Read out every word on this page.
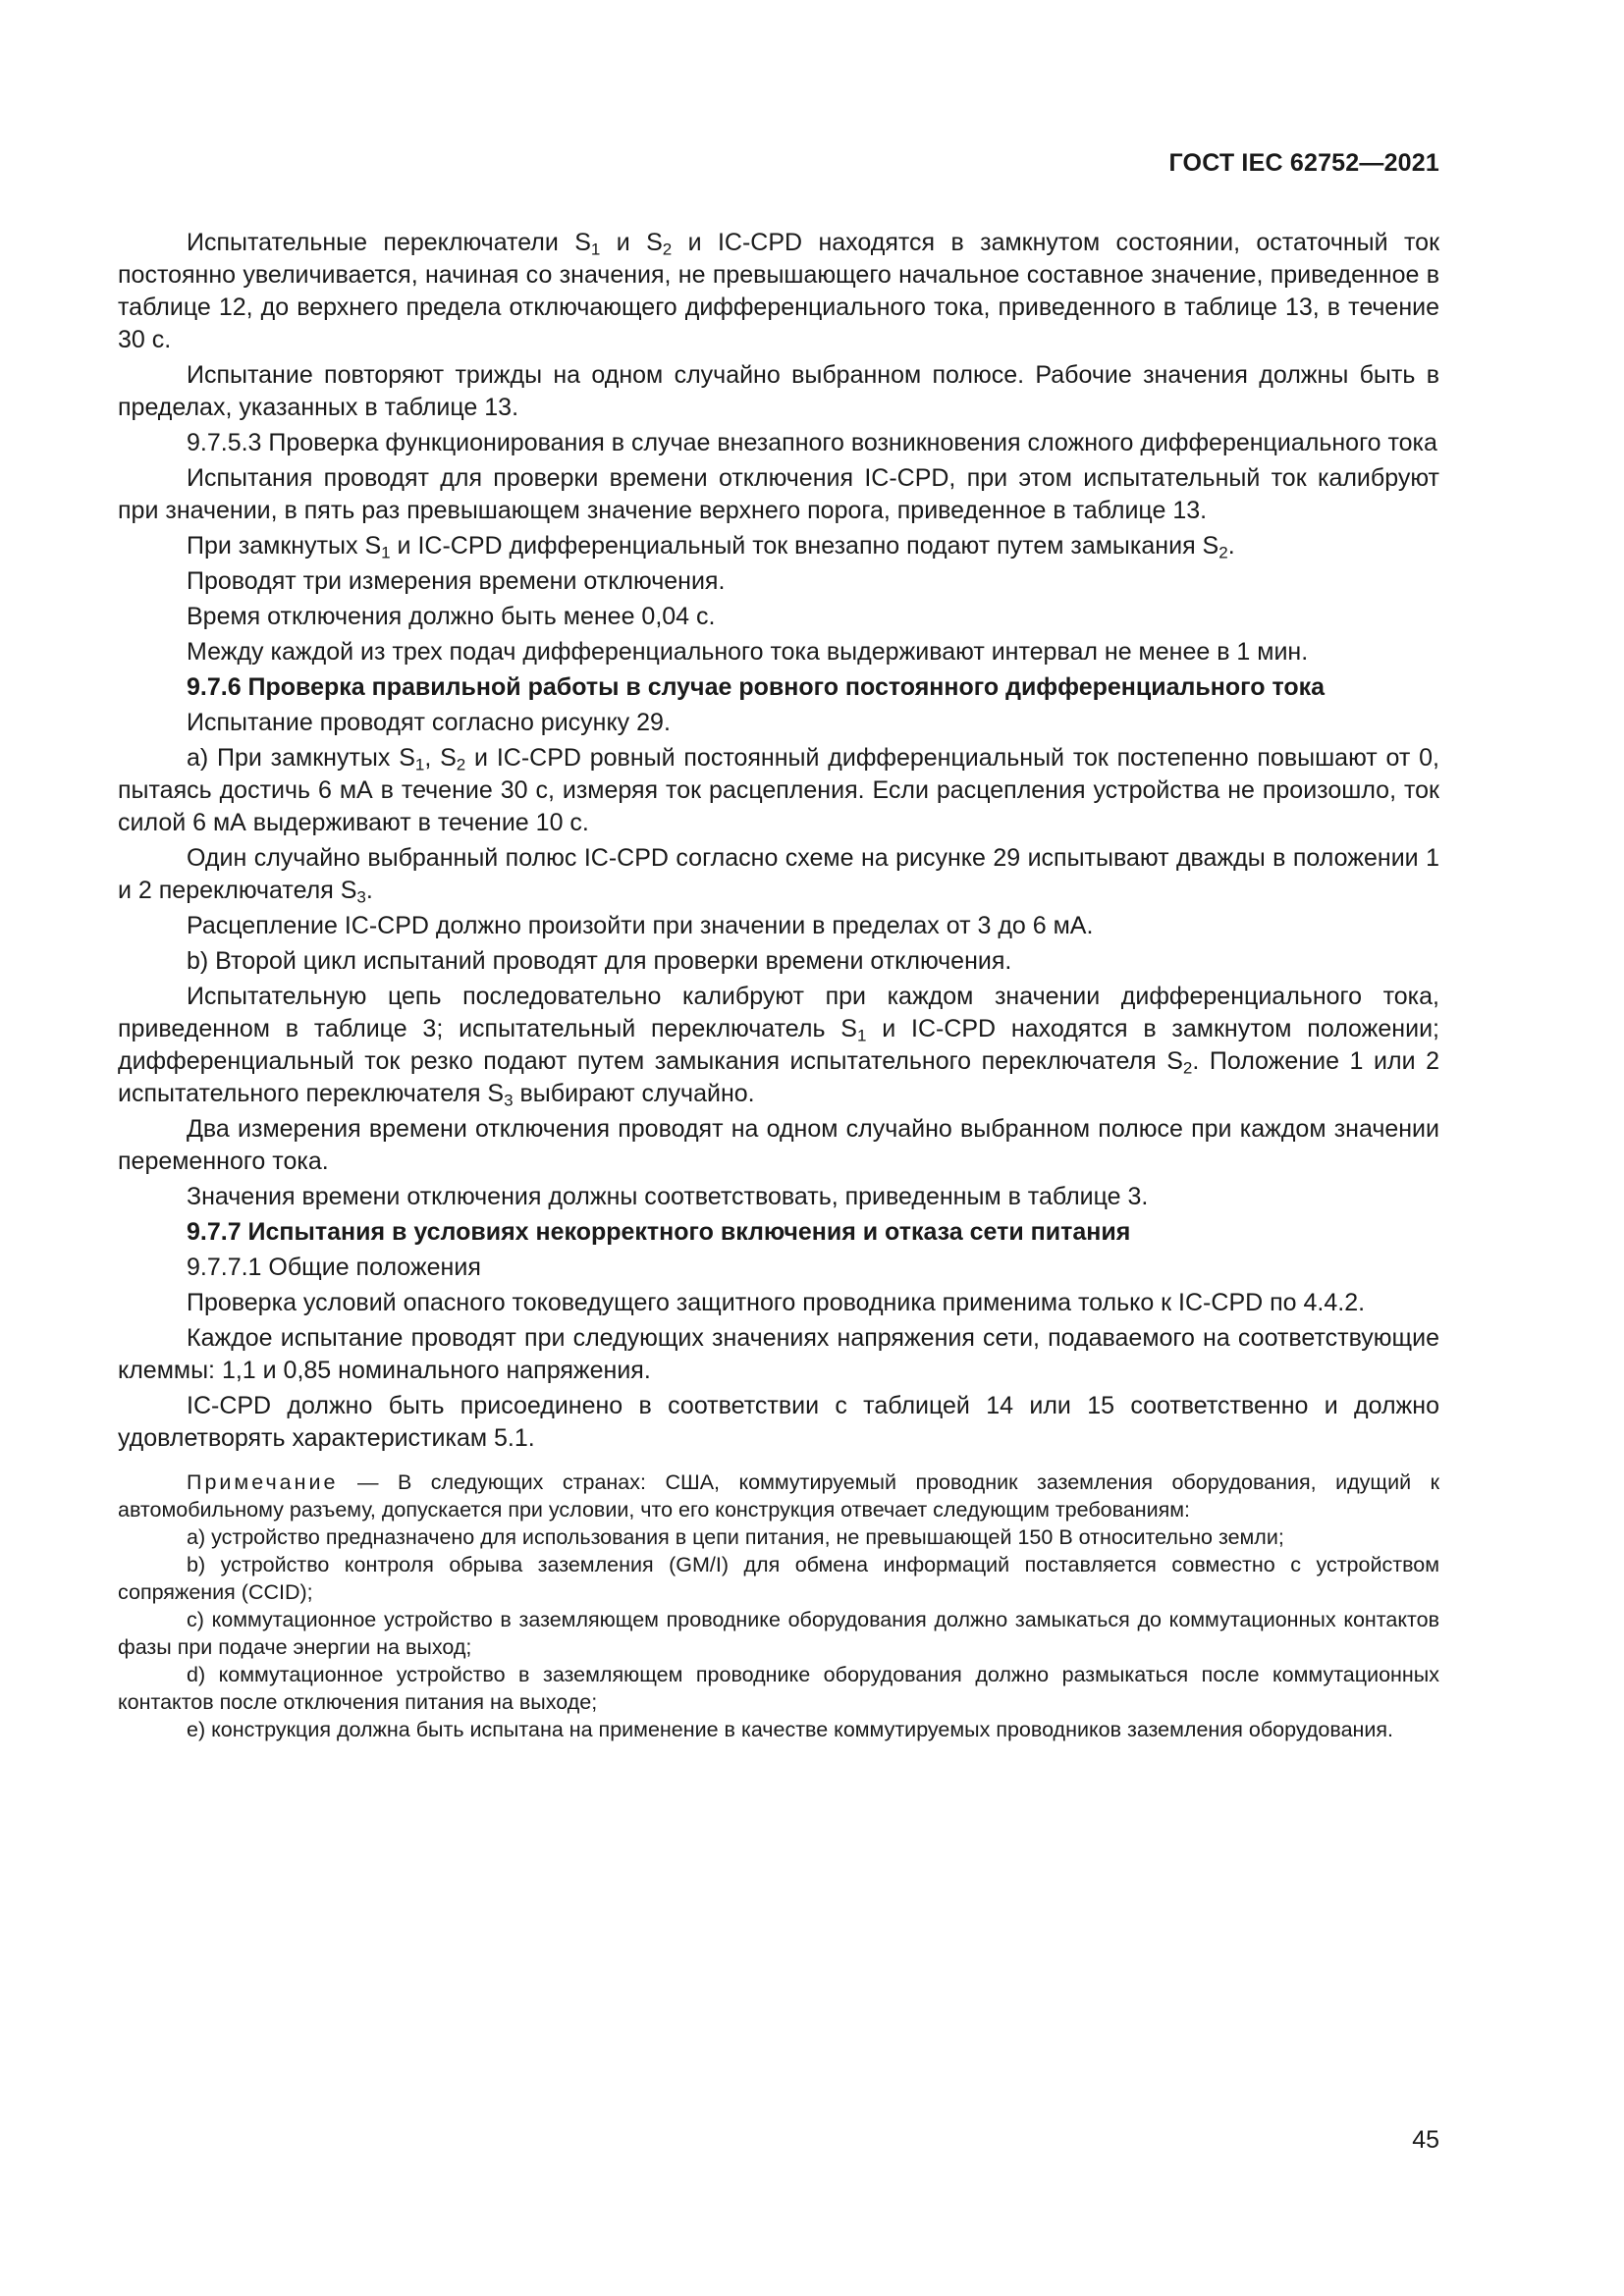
ГОСТ IEC 62752—2021

Испытательные переключатели $S_1$ и $S_2$ и IC-CPD находятся в замкнутом состоянии, остаточный ток постоянно увеличивается, начиная со значения, не превышающего начальное составное значение, приведенное в таблице 12, до верхнего предела отключающего дифференциального тока, приведенного в таблице 13, в течение 30 с.

Испытание повторяют трижды на одном случайно выбранном полюсе. Рабочие значения должны быть в пределах, указанных в таблице 13.

9.7.5.3 Проверка функционирования в случае внезапного возникновения сложного дифференциального тока

Испытания проводят для проверки времени отключения IC-CPD, при этом испытательный ток калибруют при значении, в пять раз превышающем значение верхнего порога, приведенное в таблице 13.

При замкнутых $S_1$ и IC-CPD дифференциальный ток внезапно подают путем замыкания $S_2$.

Проводят три измерения времени отключения.

Время отключения должно быть менее 0,04 с.

Между каждой из трех подач дифференциального тока выдерживают интервал не менее в 1 мин.

9.7.6 Проверка правильной работы в случае ровного постоянного дифференциального тока

Испытание проводят согласно рисунку 29.

a) При замкнутых $S_1$, $S_2$ и IC-CPD ровный постоянный дифференциальный ток постепенно повышают от 0, пытаясь достичь 6 мА в течение 30 с, измеряя ток расцепления. Если расцепления устройства не произошло, ток силой 6 мА выдерживают в течение 10 с.

Один случайно выбранный полюс IC-CPD согласно схеме на рисунке 29 испытывают дважды в положении 1 и 2 переключателя $S_3$.

Расцепление IC-CPD должно произойти при значении в пределах от 3 до 6 мА.

b) Второй цикл испытаний проводят для проверки времени отключения.

Испытательную цепь последовательно калибруют при каждом значении дифференциального тока, приведенном в таблице 3; испытательный переключатель $S_1$ и IC-CPD находятся в замкнутом положении; дифференциальный ток резко подают путем замыкания испытательного переключателя $S_2$. Положение 1 или 2 испытательного переключателя $S_3$ выбирают случайно.

Два измерения времени отключения проводят на одном случайно выбранном полюсе при каждом значении переменного тока.

Значения времени отключения должны соответствовать, приведенным в таблице 3.

9.7.7 Испытания в условиях некорректного включения и отказа сети питания

9.7.7.1 Общие положения

Проверка условий опасного токоведущего защитного проводника применима только к IC-CPD по 4.4.2.

Каждое испытание проводят при следующих значениях напряжения сети, подаваемого на соответствующие клеммы: 1,1 и 0,85 номинального напряжения.

IC-CPD должно быть присоединено в соответствии с таблицей 14 или 15 соответственно и должно удовлетворять характеристикам 5.1.

Примечание — В следующих странах: США, коммутируемый проводник заземления оборудования, идущий к автомобильному разъему, допускается при условии, что его конструкция отвечает следующим требованиям:

а) устройство предназначено для использования в цепи питания, не превышающей 150 В относительно земли;

b) устройство контроля обрыва заземления (GM/I) для обмена информаций поставляется совместно с устройством сопряжения (CCID);

c) коммутационное устройство в заземляющем проводнике оборудования должно замыкаться до коммутационных контактов фазы при подаче энергии на выход;

d) коммутационное устройство в заземляющем проводнике оборудования должно размыкаться после коммутационных контактов после отключения питания на выходе;

e) конструкция должна быть испытана на применение в качестве коммутируемых проводников заземления оборудования.

45
